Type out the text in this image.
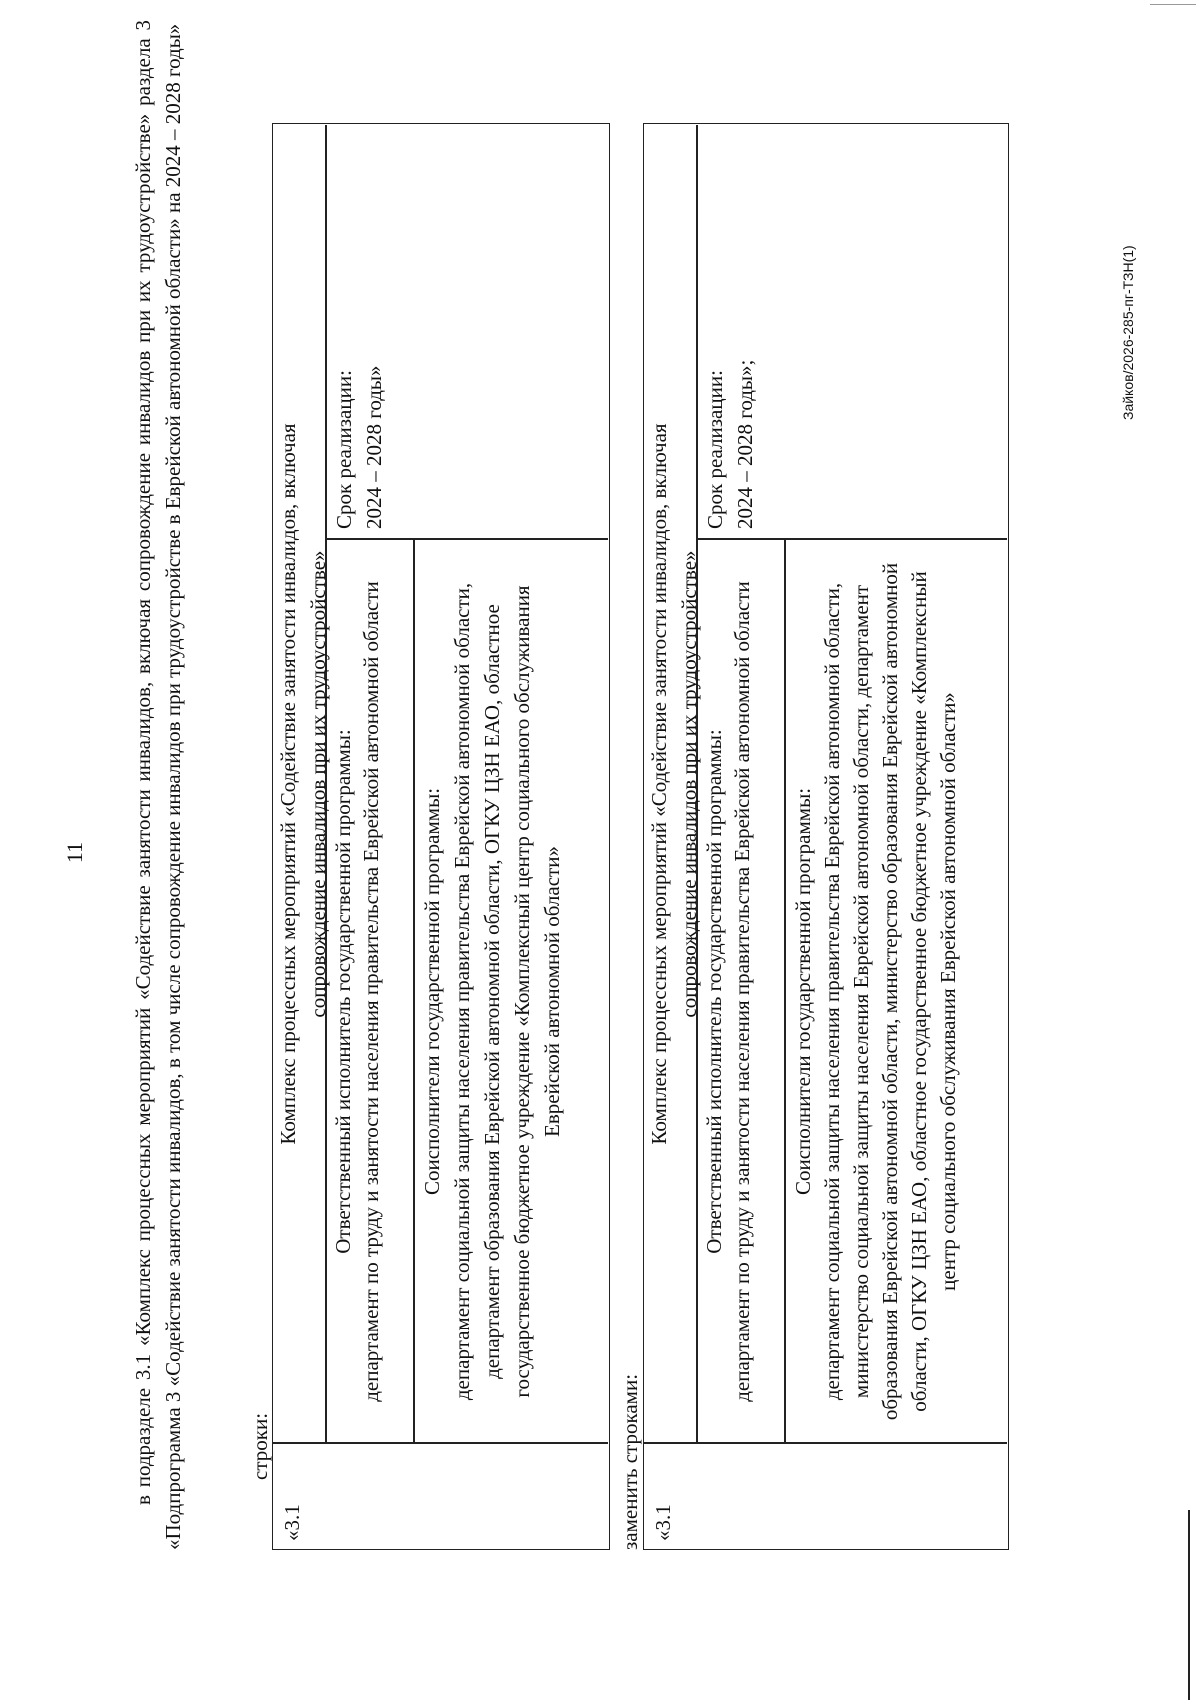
11 в подразделе 3.1 «Комплекс процессных мероприятий «Содействие занятости инвалидов, включая сопровождение инвалидов при их трудоустройстве» раздела 3 «Подпрограмма 3 «Содействие занятости инвалидов, в том числе сопровождение инвалидов при трудоустройстве в Еврейской автономной области» на 2024 – 2028 годы»	строки:
«3.1
Комплекс процессных мероприятий «Содействие занятости инвалидов, включая сопровождение инвалидов при их трудоустройстве» Ответственный исполнитель государственной программы: департамент по труду и занятости населения правительства Еврейской автономной области Соисполнители государственной программы: департамент социальной защиты населения правительства Еврейской автономной области, департамент образования Еврейской автономной области, ОГКУ ЦЗН ЕАО, областное государственное бюджетное учреждение «Комплексный центр социального обслуживания Еврейской автономной области»
Срок реализации: 2024 – 2028 годы»
заменить строками: «3.1
Комплекс процессных мероприятий «Содействие занятости инвалидов, включая сопровождение инвалидов при их трудоустройстве» Ответственный исполнитель государственной программы: департамент по труду и занятости населения правительства Еврейской автономной области Соисполнители государственной программы: департамент социальной защиты населения правительства Еврейской автономной области, министерство социальной защиты населения Еврейской автономной области, департамент образования Еврейской автономной области, министерство образования Еврейской автономной области, ОГКУ ЦЗН ЕАО, областное государственное бюджетное учреждение «Комплексный центр социального обслуживания Еврейской автономной области»
Срок реализации: 2024 – 2028 годы»;
Зайков/2026-285-пг-ТЗН(1)
